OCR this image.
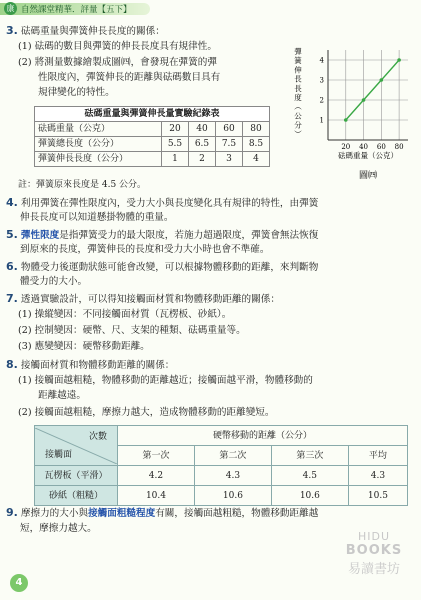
康 自然課堂精華．評量【五下】
3. 砝碼重量與彈簧伸長長度的關係：
(1) 砝碼的數目與彈簧的伸長長度具有規律性。
(2) 將測量數據繪製成圖㈣，會發現在彈簧的彈
性限度內，彈簧伸長的距離與砝碼數目具有
規律變化的特性。
砝碼重量與彈簧伸長量實驗紀錄表				
砝碼重量（公克）	20	40	60	80
彈簧總長度（公分）	5.5	6.5	7.5	8.5
彈簧伸長長度（公分）	1	2	3	4
註：彈簧原來長度是 4.5 公分。
4. 利用彈簧在彈性限度內，受力大小與長度變化具有規律的特性，由彈簧
伸長長度可以知道懸掛物體的重量。
5. 彈性限度是指彈簧受力的最大限度，若施力超過限度，彈簧會無法恢復
到原來的長度，彈簧伸長的長度和受力大小時也會不準確。
6. 物體受力後運動狀態可能會改變，可以根據物體移動的距離，來判斷物
體受力的大小。
7. 透過實驗設計，可以得知接觸面材質和物體移動距離的關係：
(1) 操縱變因：不同接觸面材質（瓦楞板、砂紙）。
(2) 控制變因：硬幣、尺、支架的種類、砝碼重量等。
(3) 應變變因：硬幣移動距離。
8. 接觸面材質和物體移動距離的關係：
(1) 接觸面越粗糙，物體移動的距離越近；接觸面越平滑，物體移動的
距離越遠。
(2) 接觸面越粗糙，摩擦力越大，造成物體移動的距離變短。
次數
接觸面	硬幣移動的距離（公分）			
	第一次	第二次	第三次	平均
瓦楞板（平滑）	4.2	4.3	4.5	4.3
砂紙（粗糙）	10.4	10.6	10.6	10.5
9. 摩擦力的大小與接觸面粗糙程度有關，接觸面越粗糙，物體移動距離越
短，摩擦力越大。
彈
簧
伸
長
長
度
（
公
分
）
20 40 60 80
1
2
3
4
砝碼重量（公克）
圖㈣
4
HIDU
BOOKS
易讀書坊
